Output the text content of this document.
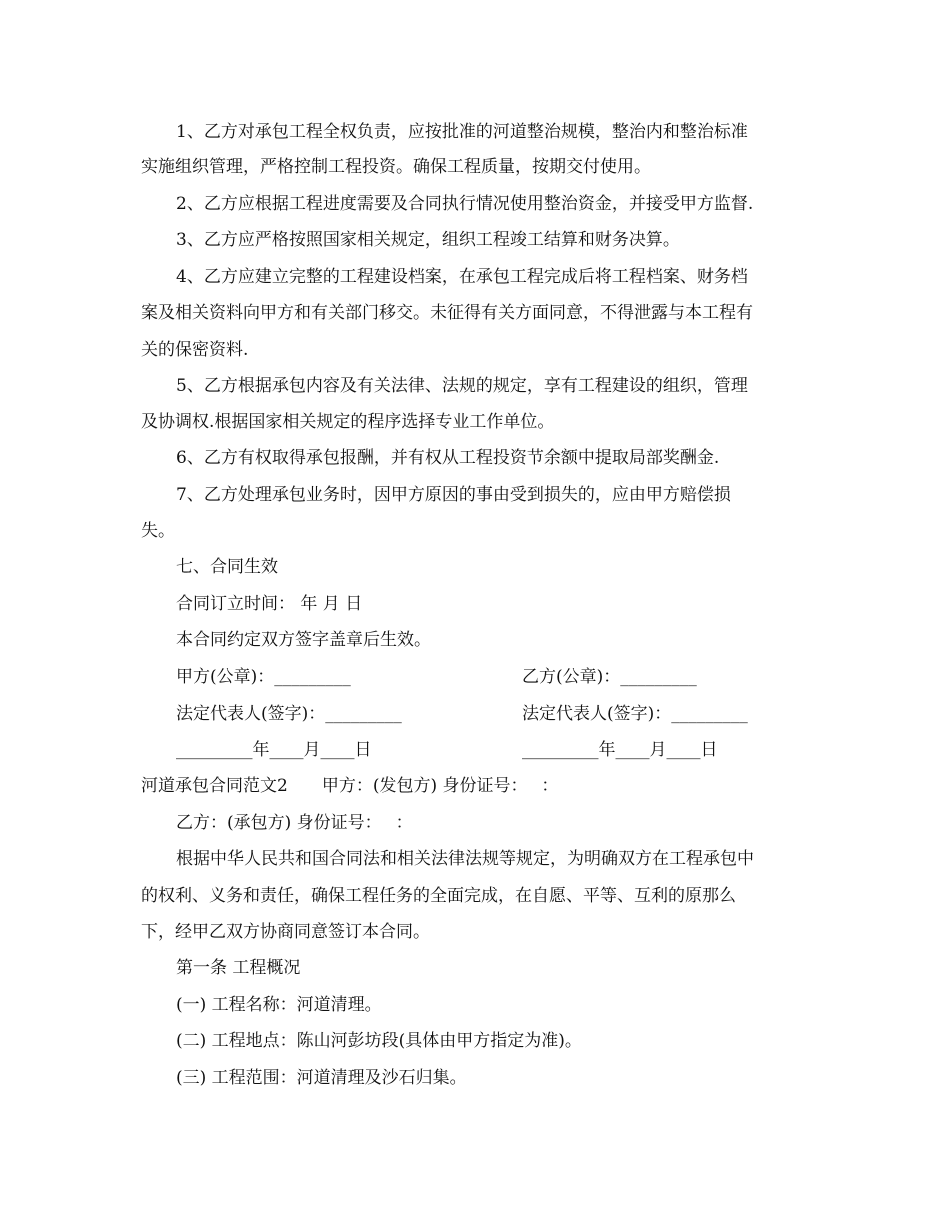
1、乙方对承包工程全权负责，应按批准的河道整治规模，整治内和整治标准

实施组织管理，严格控制工程投资。确保工程质量，按期交付使用。

2、乙方应根据工程进度需要及合同执行情况使用整治资金，并接受甲方监督.

3、乙方应严格按照国家相关规定，组织工程竣工结算和财务决算。

4、乙方应建立完整的工程建设档案，在承包工程完成后将工程档案、财务档

案及相关资料向甲方和有关部门移交。未征得有关方面同意，不得泄露与本工程有

关的保密资料.

5、乙方根据承包内容及有关法律、法规的规定，享有工程建设的组织，管理

及协调权.根据国家相关规定的程序选择专业工作单位。

6、乙方有权取得承包报酬，并有权从工程投资节余额中提取局部奖酬金.

7、乙方处理承包业务时，因甲方原因的事由受到损失的，应由甲方赔偿损

失。

七、合同生效

合同订立时间： 年 月 日

本合同约定双方签字盖章后生效。

甲方(公章)：_________	乙方(公章)：_________

法定代表人(签字)：_________	法定代表人(签字)：_________

_________年____月____日	_________年____月____日

河道承包合同范文2　　甲方：(发包方) 身份证号：　 ：

乙方：(承包方) 身份证号：　 ：

根据中华人民共和国合同法和相关法律法规等规定，为明确双方在工程承包中

的权利、义务和责任，确保工程任务的全面完成，在自愿、平等、互利的原那么

下，经甲乙双方协商同意签订本合同。

第一条 工程概况

(一) 工程名称：河道清理。

(二) 工程地点：陈山河彭坊段(具体由甲方指定为准)。

(三) 工程范围：河道清理及沙石归集。
